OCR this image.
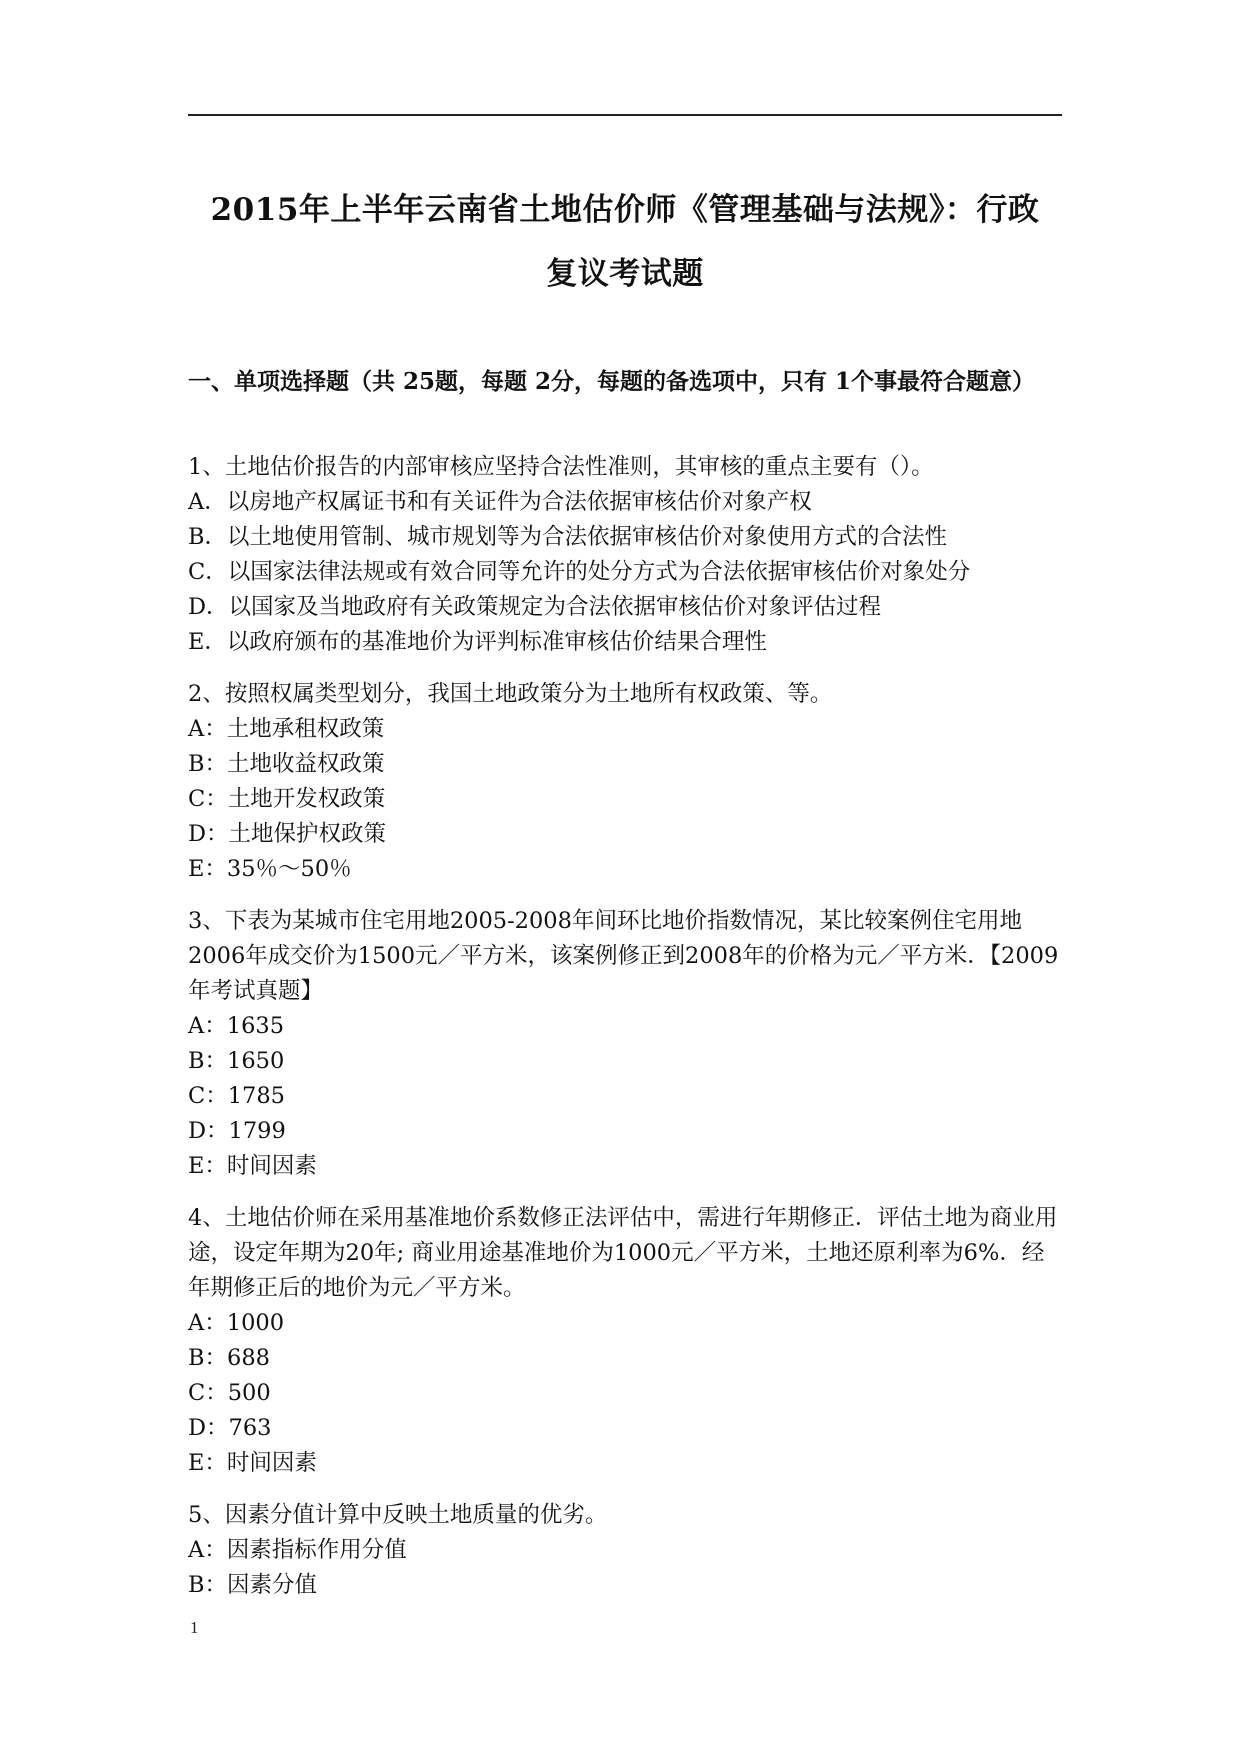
2015年上半年云南省土地估价师《管理基础与法规》：行政
复议考试题
一、单项选择题（共 25题，每题 2分，每题的备选项中，只有 1个事最符合题意）
1、土地估价报告的内部审核应坚持合法性准则，其审核的重点主要有（）。
A．以房地产权属证书和有关证件为合法依据审核估价对象产权
B．以土地使用管制、城市规划等为合法依据审核估价对象使用方式的合法性
C．以国家法律法规或有效合同等允许的处分方式为合法依据审核估价对象处分
D．以国家及当地政府有关政策规定为合法依据审核估价对象评估过程
E．以政府颁布的基准地价为评判标准审核估价结果合理性
2、按照权属类型划分，我国土地政策分为土地所有权政策、等。
A：土地承租权政策
B：土地收益权政策
C：土地开发权政策
D：土地保护权政策
E：35％～50％
3、下表为某城市住宅用地2005-2008年间环比地价指数情况，某比较案例住宅用地2006年成交价为1500元／平方米，该案例修正到2008年的价格为元／平方米．【2009年考试真题】
A：1635
B：1650
C：1785
D：1799
E：时间因素
4、土地估价师在采用基准地价系数修正法评估中，需进行年期修正．评估土地为商业用途，设定年期为20年; 商业用途基准地价为1000元／平方米，土地还原利率为6%．经年期修正后的地价为元／平方米。
A：1000
B：688
C：500
D：763
E：时间因素
5、因素分值计算中反映土地质量的优劣。
A：因素指标作用分值
B：因素分值
1
